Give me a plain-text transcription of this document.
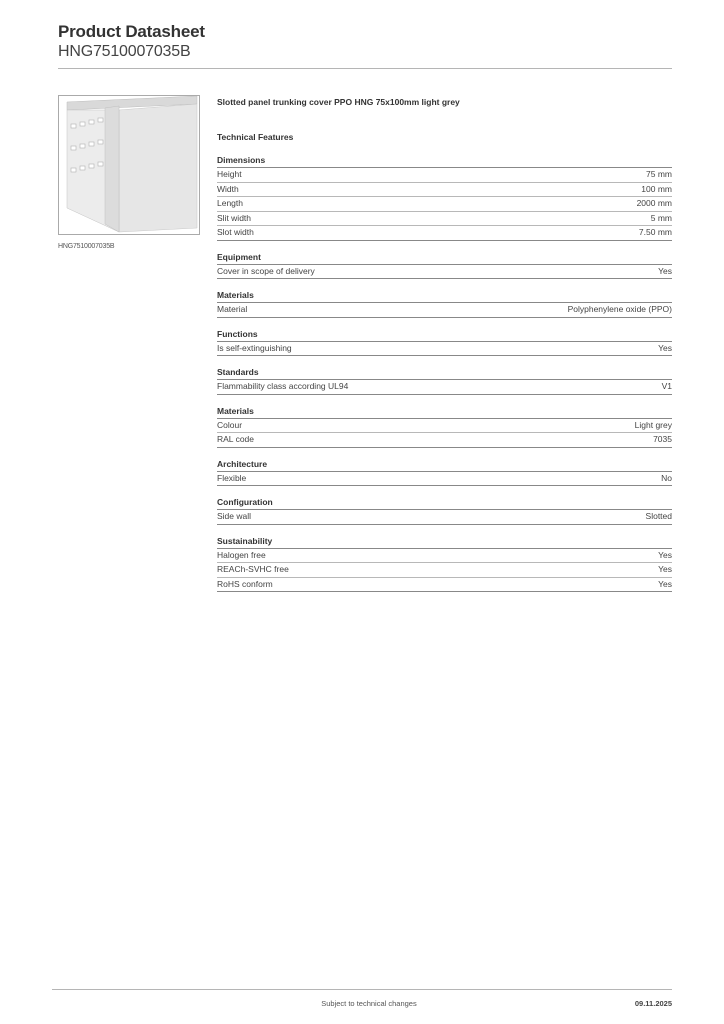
Product Datasheet
HNG7510007035B
HNG7510007035B
Slotted panel trunking cover PPO HNG 75x100mm light grey
Technical Features
Dimensions
Height	75 mm
Width	100 mm
Length	2000 mm
Slit width	5 mm
Slot width	7.50 mm
Equipment
Cover in scope of delivery	Yes
Materials
Material	Polyphenylene oxide (PPO)
Functions
Is self-extinguishing	Yes
Standards
Flammability class according UL94	V1
Materials
Colour	Light grey
RAL code	7035
Architecture
Flexible	No
Configuration
Side wall	Slotted
Sustainability
Halogen free	Yes
REACh-SVHC free	Yes
RoHS conform	Yes
Subject to technical changes	09.11.2025
